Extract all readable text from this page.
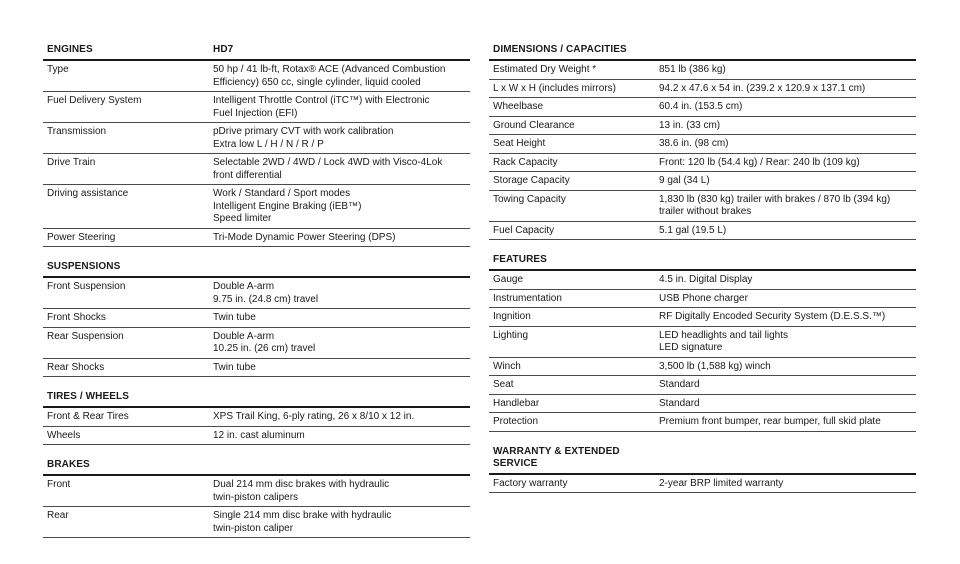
ENGINES	HD7
Type	50 hp / 41 lb-ft, Rotax® ACE (Advanced Combustion
Efficiency) 650 cc, single cylinder, liquid cooled
Fuel Delivery System	Intelligent Throttle Control (iTC™) with Electronic
Fuel Injection (EFI)
Transmission	pDrive primary CVT with work calibration
Extra low L / H / N / R / P
Drive Train	Selectable 2WD / 4WD / Lock 4WD with Visco-4Lok
front differential
Driving assistance	Work / Standard / Sport modes
Intelligent Engine Braking (iEB™)
Speed limiter
Power Steering	Tri-Mode Dynamic Power Steering (DPS)
SUSPENSIONS
Front Suspension	Double A-arm
9.75 in. (24.8 cm) travel
Front Shocks	Twin tube
Rear Suspension	Double A-arm
10.25 in. (26 cm) travel
Rear Shocks	Twin tube
TIRES / WHEELS
Front & Rear Tires	XPS Trail King, 6-ply rating, 26 x 8/10 x 12 in.
Wheels	12 in. cast aluminum
BRAKES
Front	Dual 214 mm disc brakes with hydraulic
twin-piston calipers
Rear	Single 214 mm disc brake with hydraulic
twin-piston caliper
DIMENSIONS / CAPACITIES
Estimated Dry Weight *	851 lb (386 kg)
L x W x H (includes mirrors)	94.2 x 47.6 x 54 in. (239.2 x 120.9 x 137.1 cm)
Wheelbase	60.4 in. (153.5 cm)
Ground Clearance	13 in. (33 cm)
Seat Height	38.6 in. (98 cm)
Rack Capacity	Front: 120 lb (54.4 kg) / Rear: 240 lb (109 kg)
Storage Capacity	9 gal (34 L)
Towing Capacity	1,830 lb (830 kg) trailer with brakes / 870 lb (394 kg)
trailer without brakes
Fuel Capacity	5.1 gal (19.5 L)
FEATURES
Gauge	4.5 in. Digital Display
Instrumentation	USB Phone charger
Ingnition	RF Digitally Encoded Security System (D.E.S.S.™)
Lighting	LED headlights and tail lights
LED signature
Winch	3,500 lb (1,588 kg) winch
Seat	Standard
Handlebar	Standard
Protection	Premium front bumper, rear bumper, full skid plate
WARRANTY & EXTENDED SERVICE
Factory warranty	2-year BRP limited warranty
